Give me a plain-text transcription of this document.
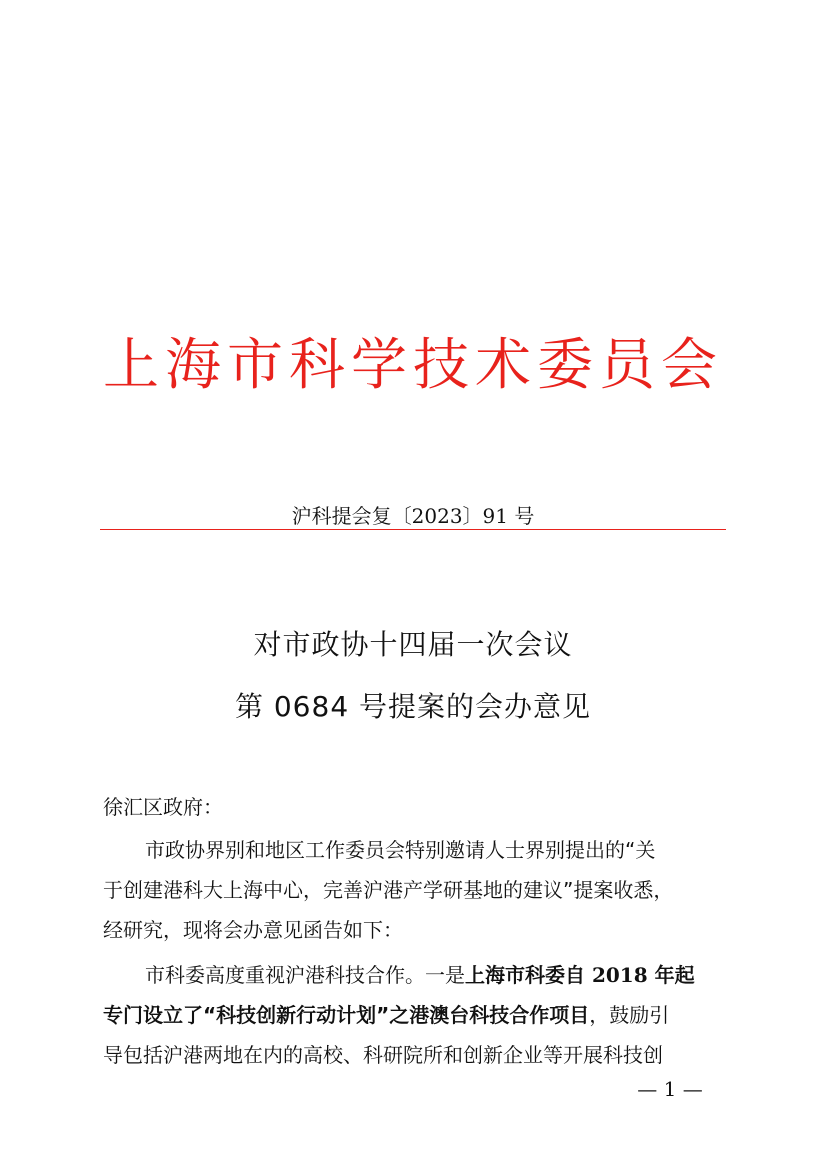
上海市科学技术委员会
沪科提会复〔2023〕91 号
对市政协十四届一次会议
第 0684 号提案的会办意见
徐汇区政府：
市政协界别和地区工作委员会特别邀请人士界别提出的“关
于创建港科大上海中心，完善沪港产学研基地的建议”提案收悉，
经研究，现将会办意见函告如下：
市科委高度重视沪港科技合作。一是上海市科委自 2018 年起
专门设立了“科技创新行动计划”之港澳台科技合作项目，鼓励引
导包括沪港两地在内的高校、科研院所和创新企业等开展科技创
— 1 —
